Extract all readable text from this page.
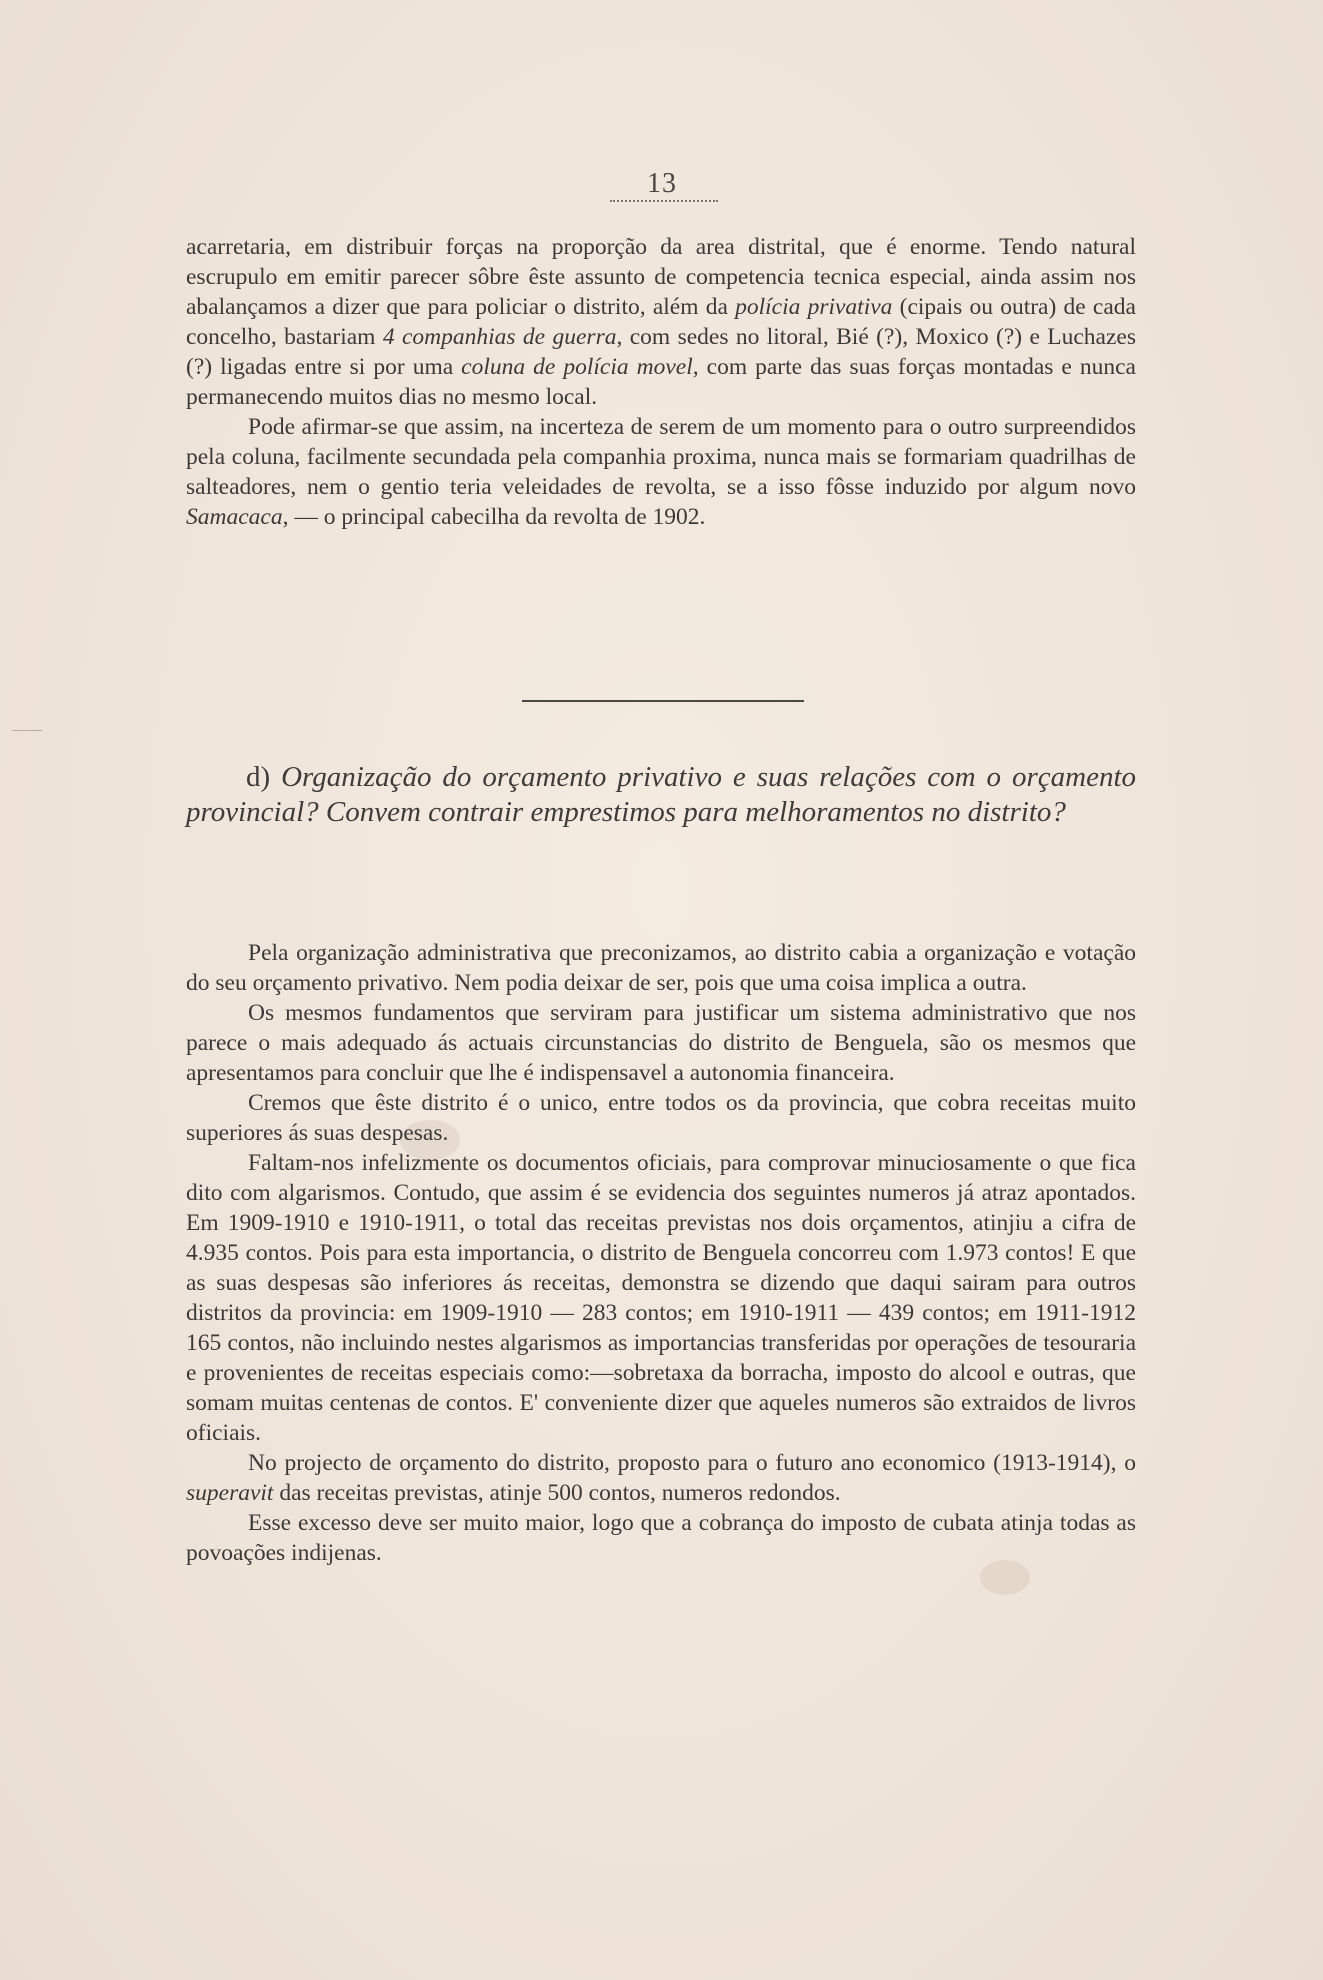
13

acarretaria, em distribuir forças na proporção da area distrital, que é enorme. Tendo natural escrupulo em emitir parecer sôbre êste assunto de competencia tecnica especial, ainda assim nos abalançamos a dizer que para policiar o distrito, além da polícia privativa (cipais ou outra) de cada concelho, bastariam 4 companhias de guerra, com sedes no litoral, Bié (?), Moxico (?) e Luchazes (?) ligadas entre si por uma coluna de polícia movel, com parte das suas forças montadas e nunca permanecendo muitos dias no mesmo local.

Pode afirmar-se que assim, na incerteza de serem de um momento para o outro surpreendidos pela coluna, facilmente secundada pela companhia proxima, nunca mais se formariam quadrilhas de salteadores, nem o gentio teria veleidades de revolta, se a isso fôsse induzido por algum novo Samacaca, — o principal cabecilha da revolta de 1902.

d) Organização do orçamento privativo e suas relações com o orçamento provincial? Convem contrair emprestimos para melhoramentos no distrito?

Pela organização administrativa que preconizamos, ao distrito cabia a organização e votação do seu orçamento privativo. Nem podia deixar de ser, pois que uma coisa implica a outra.

Os mesmos fundamentos que serviram para justificar um sistema administrativo que nos parece o mais adequado ás actuais circunstancias do distrito de Benguela, são os mesmos que apresentamos para concluir que lhe é indispensavel a autonomia financeira.

Cremos que êste distrito é o unico, entre todos os da provincia, que cobra receitas muito superiores ás suas despesas.

Faltam-nos infelizmente os documentos oficiais, para comprovar minuciosamente o que fica dito com algarismos. Contudo, que assim é se evidencia dos seguintes numeros já atraz apontados. Em 1909-1910 e 1910-1911, o total das receitas previstas nos dois orçamentos, atinjiu a cifra de 4.935 contos. Pois para esta importancia, o distrito de Benguela concorreu com 1.973 contos! E que as suas despesas são inferiores ás receitas, demonstra se dizendo que daqui sairam para outros distritos da provincia: em 1909-1910 — 283 contos; em 1910-1911 — 439 contos; em 1911-1912 165 contos, não incluindo nestes algarismos as importancias transferidas por operações de tesouraria e provenientes de receitas especiais como:—sobretaxa da borracha, imposto do alcool e outras, que somam muitas centenas de contos. E' conveniente dizer que aqueles numeros são extraidos de livros oficiais.

No projecto de orçamento do distrito, proposto para o futuro ano economico (1913-1914), o superavit das receitas previstas, atinje 500 contos, numeros redondos.

Esse excesso deve ser muito maior, logo que a cobrança do imposto de cubata atinja todas as povoações indijenas.
